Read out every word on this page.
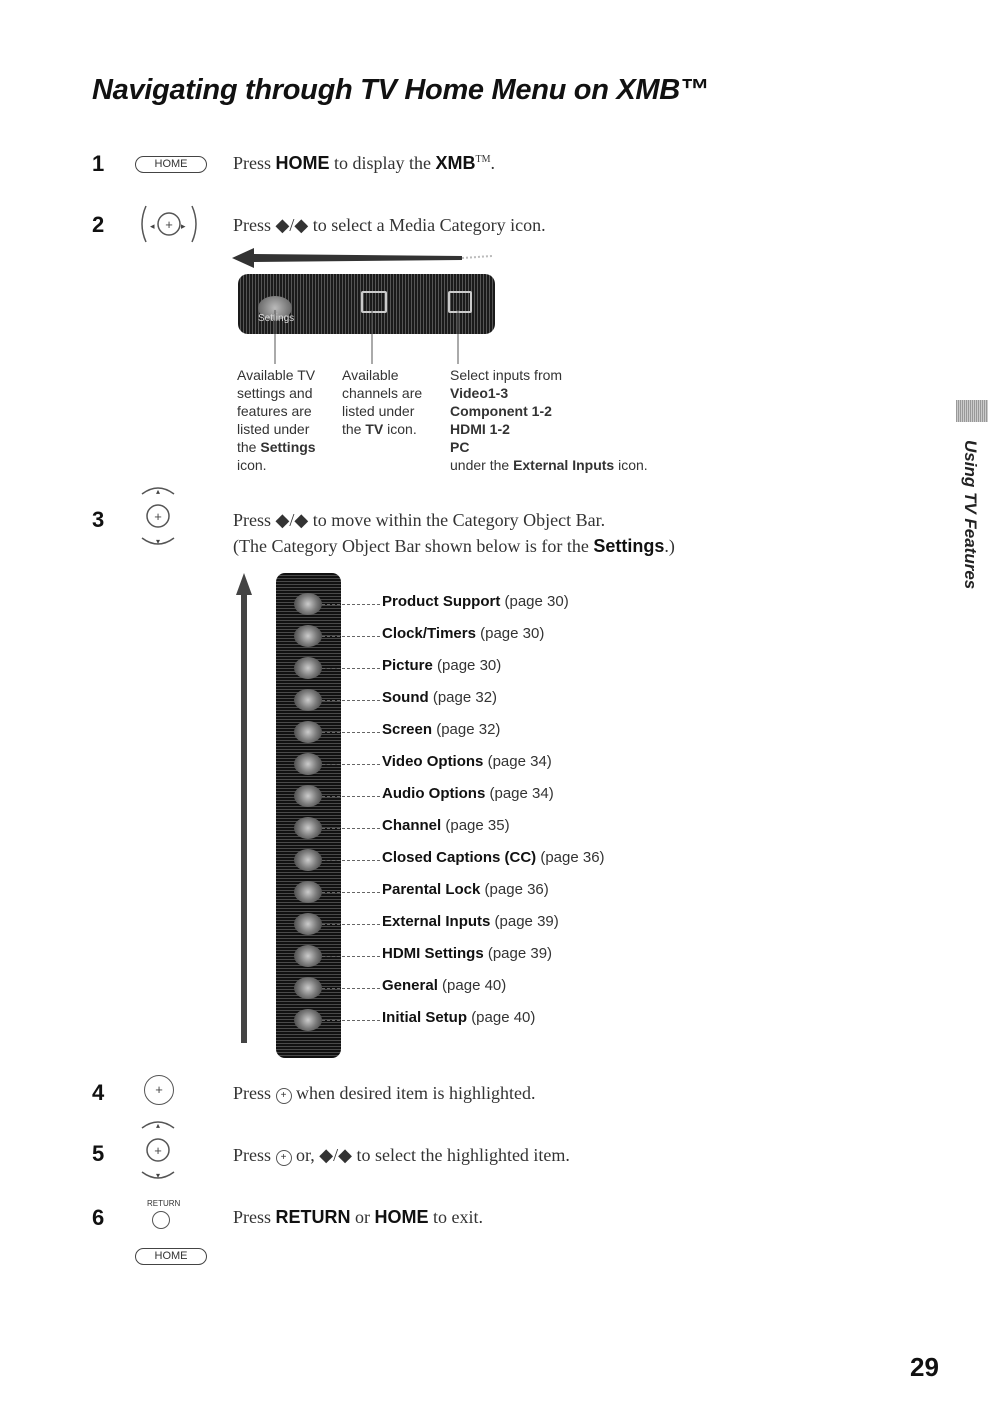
Navigating through TV Home Menu on XMB™
1	HOME	Press HOME to display the XMB™.
2	+
◂	▸	Press ◆/◆ to select a Media Category icon.
Settings
Available TV
settings and
features are
listed under
the Settings
icon.
Available
channels are
listed under
the TV icon.
Select inputs from
Video1-3
Component 1-2
HDMI 1-2
PC
under the External Inputs icon.
3
▴
+
▾
Press ◆/◆ to move within the Category Object Bar.
(The Category Object Bar shown below is for the Settings.)
Product Support (page 30)
Clock/Timers (page 30)
Picture (page 30)
Sound (page 32)
Screen (page 32)
Video Options (page 34)
Audio Options (page 34)
Channel (page 35)
Closed Captions (CC) (page 36)
Parental Lock (page 36)
External Inputs (page 39)
HDMI Settings (page 39)
General (page 40)
Initial Setup (page 40)
4	+	Press + when desired item is highlighted.
5
▴
+
▾
Press + or, ◆/◆ to select the highlighted item.
6
RETURN
HOME
Press RETURN or HOME to exit.
Using TV Features
29
